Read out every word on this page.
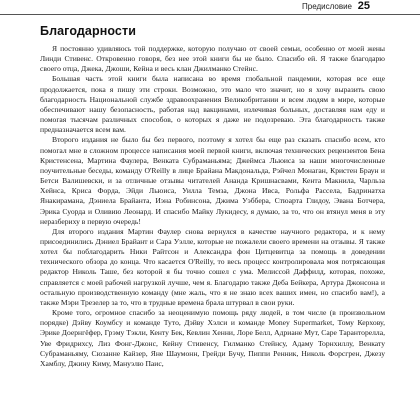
Предисловие 25
Благодарности

Я постоянно удивляюсь той поддержке, которую получаю от своей семьи, особенно от моей жены Линди Стивенс. Откровенно говоря, без нее этой книги бы не было. Спасибо ей. Я также благодарю своего отца, Джека, Джоши, Кейна и весь клан Джилманко Стейнс.

Большая часть этой книги была написана во время глобальной пандемии, которая все еще продолжается, пока я пишу эти строки. Возможно, это мало что значит, но я хочу выразить свою благодарность Национальной службе здравоохранения Великобритании и всем людям в мире, которые обеспечивают нашу безопасность, работая над вакцинами, излечивая больных, доставляя нам еду и помогая тысячам различных способов, о которых я даже не подозреваю. Эта благодарность также предназначается всем вам.

Второго издания не было бы без первого, поэтому я хотел бы еще раз сказать спасибо всем, кто помогал мне в сложном процессе написания моей первой книги, включая технических рецензентов Бена Кристенсена, Мартина Фаулера, Венката Субраманьяма; Джеймса Льюиса за наши многочисленные поучительные беседы, команду O'Reilly в лице Брайана Макдональда, Рэйчел Монаган, Кристен Браун и Бетси Валишевски, и за отличные отзывы читателей Ананда Кришнасвами, Кента Макнила, Чарльза Хейнса, Криса Форда, Эйди Льюиса, Уилла Темза, Джона Ивса, Рольфа Рассела, Бадринатха Янакирамана, Дэниела Брайанта, Иэна Робинсона, Джима Уэббера, Стюарта Глидоу, Эвана Ботчера, Эрика Суорда и Оливию Леонард. И спасибо Майку Лукидесу, я думаю, за то, что он втянул меня в эту неразбериху в первую очередь!

Для второго издания Мартин Фаулер снова вернулся в качестве научного редактора, и к нему присоединились Дэниел Брайант и Сара Уэлле, которые не пожалели своего времени на отзывы. Я также хотел бы поблагодарить Ники Райтсон и Александра фон Цитцевитца за помощь в доведении технического обзора до конца. Что касается O'Reilly, то весь процесс контролировала моя потрясающая редактор Николь Таше, без которой я бы точно сошел с ума. Мелиссой Даффилд, которая, похоже, справляется с моей рабочей нагрузкой лучше, чем я. Благодарю также Деба Бейкера, Артура Джонсона и остальную производственную команду (мне жаль, что я не знаю всех ваших имен, но спасибо вам!), а также Мэри Трезелер за то, что в трудные времена брала штурвал в свои руки.

Кроме того, огромное спасибо за неоценимую помощь ряду людей, в том числе (в произвольном порядке) Дэйву Коумбсу и команде Туто, Дэйву Хэлси и команде Money Supermarket, Тому Керхову, Эрике Доернгёфер, Грэму Тэкли, Кенту Бек, Кевлин Хенни, Лоре Белл, Адриане Мут, Саре Таранторелла, Уве Фридрихсу, Лиз Фонг-Джонс, Кейну Стивенсу, Гилманко Стейнсу, Адаму Торнхиллу, Венкату Субраманьяму, Сюзанне Кайзер, Яне Шаумонн, Грейди Бучу, Пиппи Ренник, Николь Форсгрен, Джезу Хамблу, Джину Киму, Мануэлю Паис,
